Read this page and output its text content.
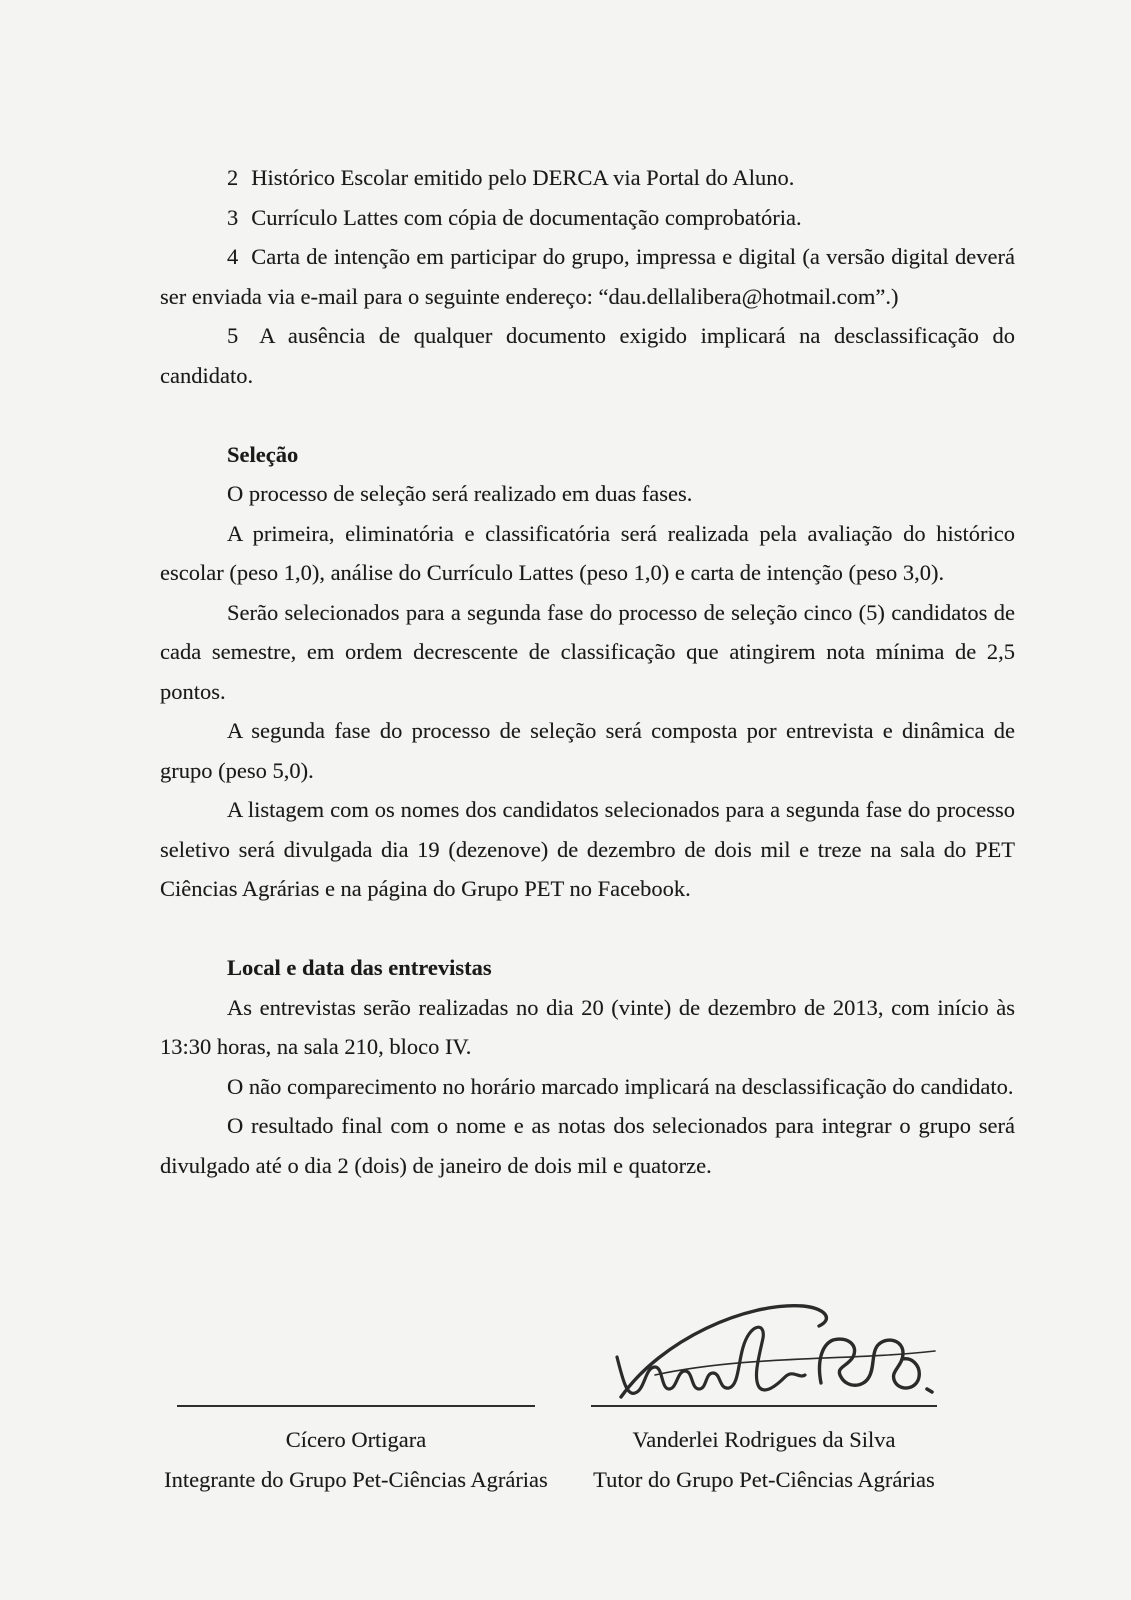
2 Histórico Escolar emitido pelo DERCA via Portal do Aluno.

3 Currículo Lattes com cópia de documentação comprobatória.

4 Carta de intenção em participar do grupo, impressa e digital (a versão digital deverá ser enviada via e-mail para o seguinte endereço: “dau.dellalibera@hotmail.com”.)

5 A ausência de qualquer documento exigido implicará na desclassificação do candidato.

Seleção

O processo de seleção será realizado em duas fases.

A primeira, eliminatória e classificatória será realizada pela avaliação do histórico escolar (peso 1,0), análise do Currículo Lattes (peso 1,0) e carta de intenção (peso 3,0).

Serão selecionados para a segunda fase do processo de seleção cinco (5) candidatos de cada semestre, em ordem decrescente de classificação que atingirem nota mínima de 2,5 pontos.

A segunda fase do processo de seleção será composta por entrevista e dinâmica de grupo (peso 5,0).

A listagem com os nomes dos candidatos selecionados para a segunda fase do processo seletivo será divulgada dia 19 (dezenove) de dezembro de dois mil e treze na sala do PET Ciências Agrárias e na página do Grupo PET no Facebook.

Local e data das entrevistas

As entrevistas serão realizadas no dia 20 (vinte) de dezembro de 2013, com início às 13:30 horas, na sala 210, bloco IV.

O não comparecimento no horário marcado implicará na desclassificação do candidato.

O resultado final com o nome e as notas dos selecionados para integrar o grupo será divulgado até o dia 2 (dois) de janeiro de dois mil e quatorze.

Cícero Ortigara
Integrante do Grupo Pet-Ciências Agrárias
Vanderlei Rodrigues da Silva
Tutor do Grupo Pet-Ciências Agrárias
